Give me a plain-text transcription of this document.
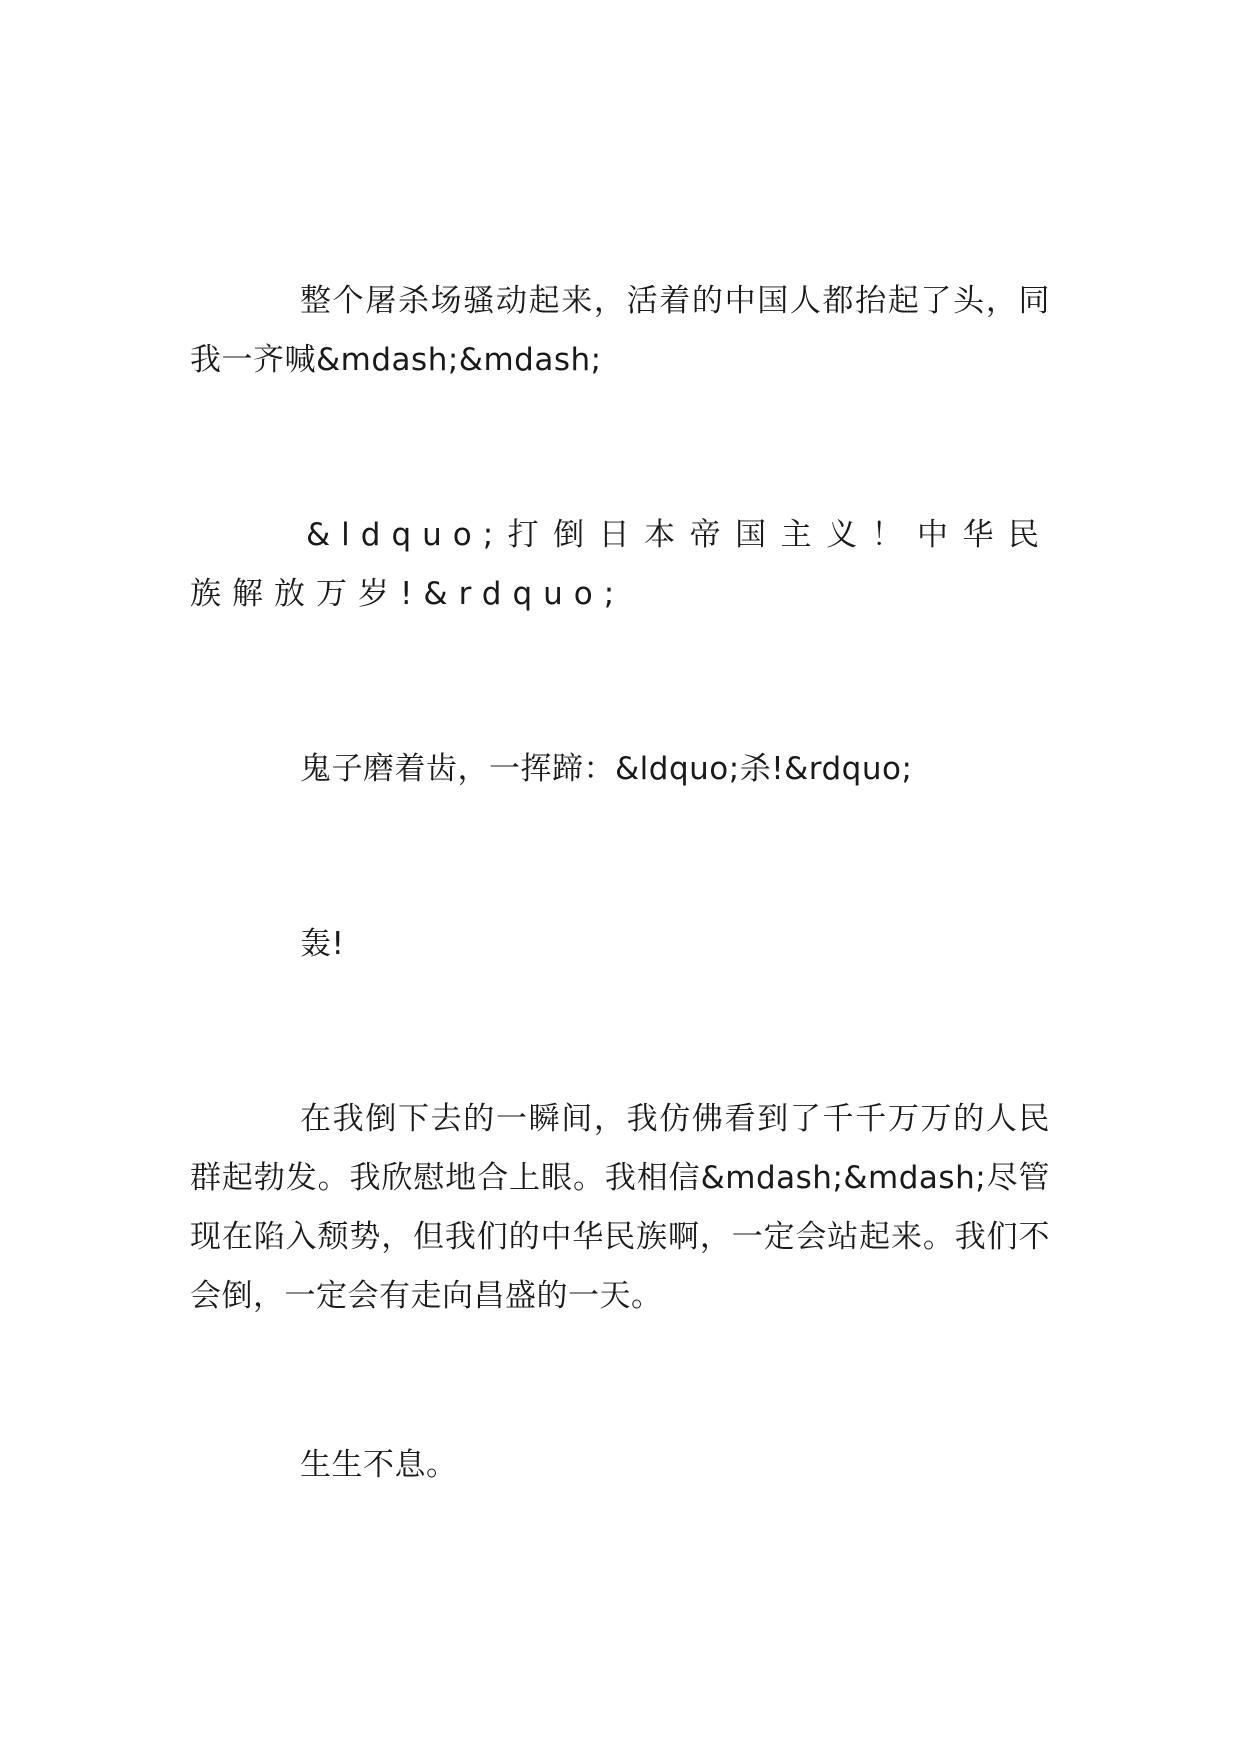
整个屠杀场骚动起来，活着的中国人都抬起了头，同我一齐喊&mdash;&mdash;

&ldquo;打倒日本帝国主义！中华民族解放万岁!&rdquo;

鬼子磨着齿，一挥蹄：&ldquo;杀!&rdquo;

轰!

在我倒下去的一瞬间，我仿佛看到了千千万万的人民群起勃发。我欣慰地合上眼。我相信&mdash;&mdash;尽管现在陷入颓势，但我们的中华民族啊，一定会站起来。我们不会倒，一定会有走向昌盛的一天。

生生不息。
